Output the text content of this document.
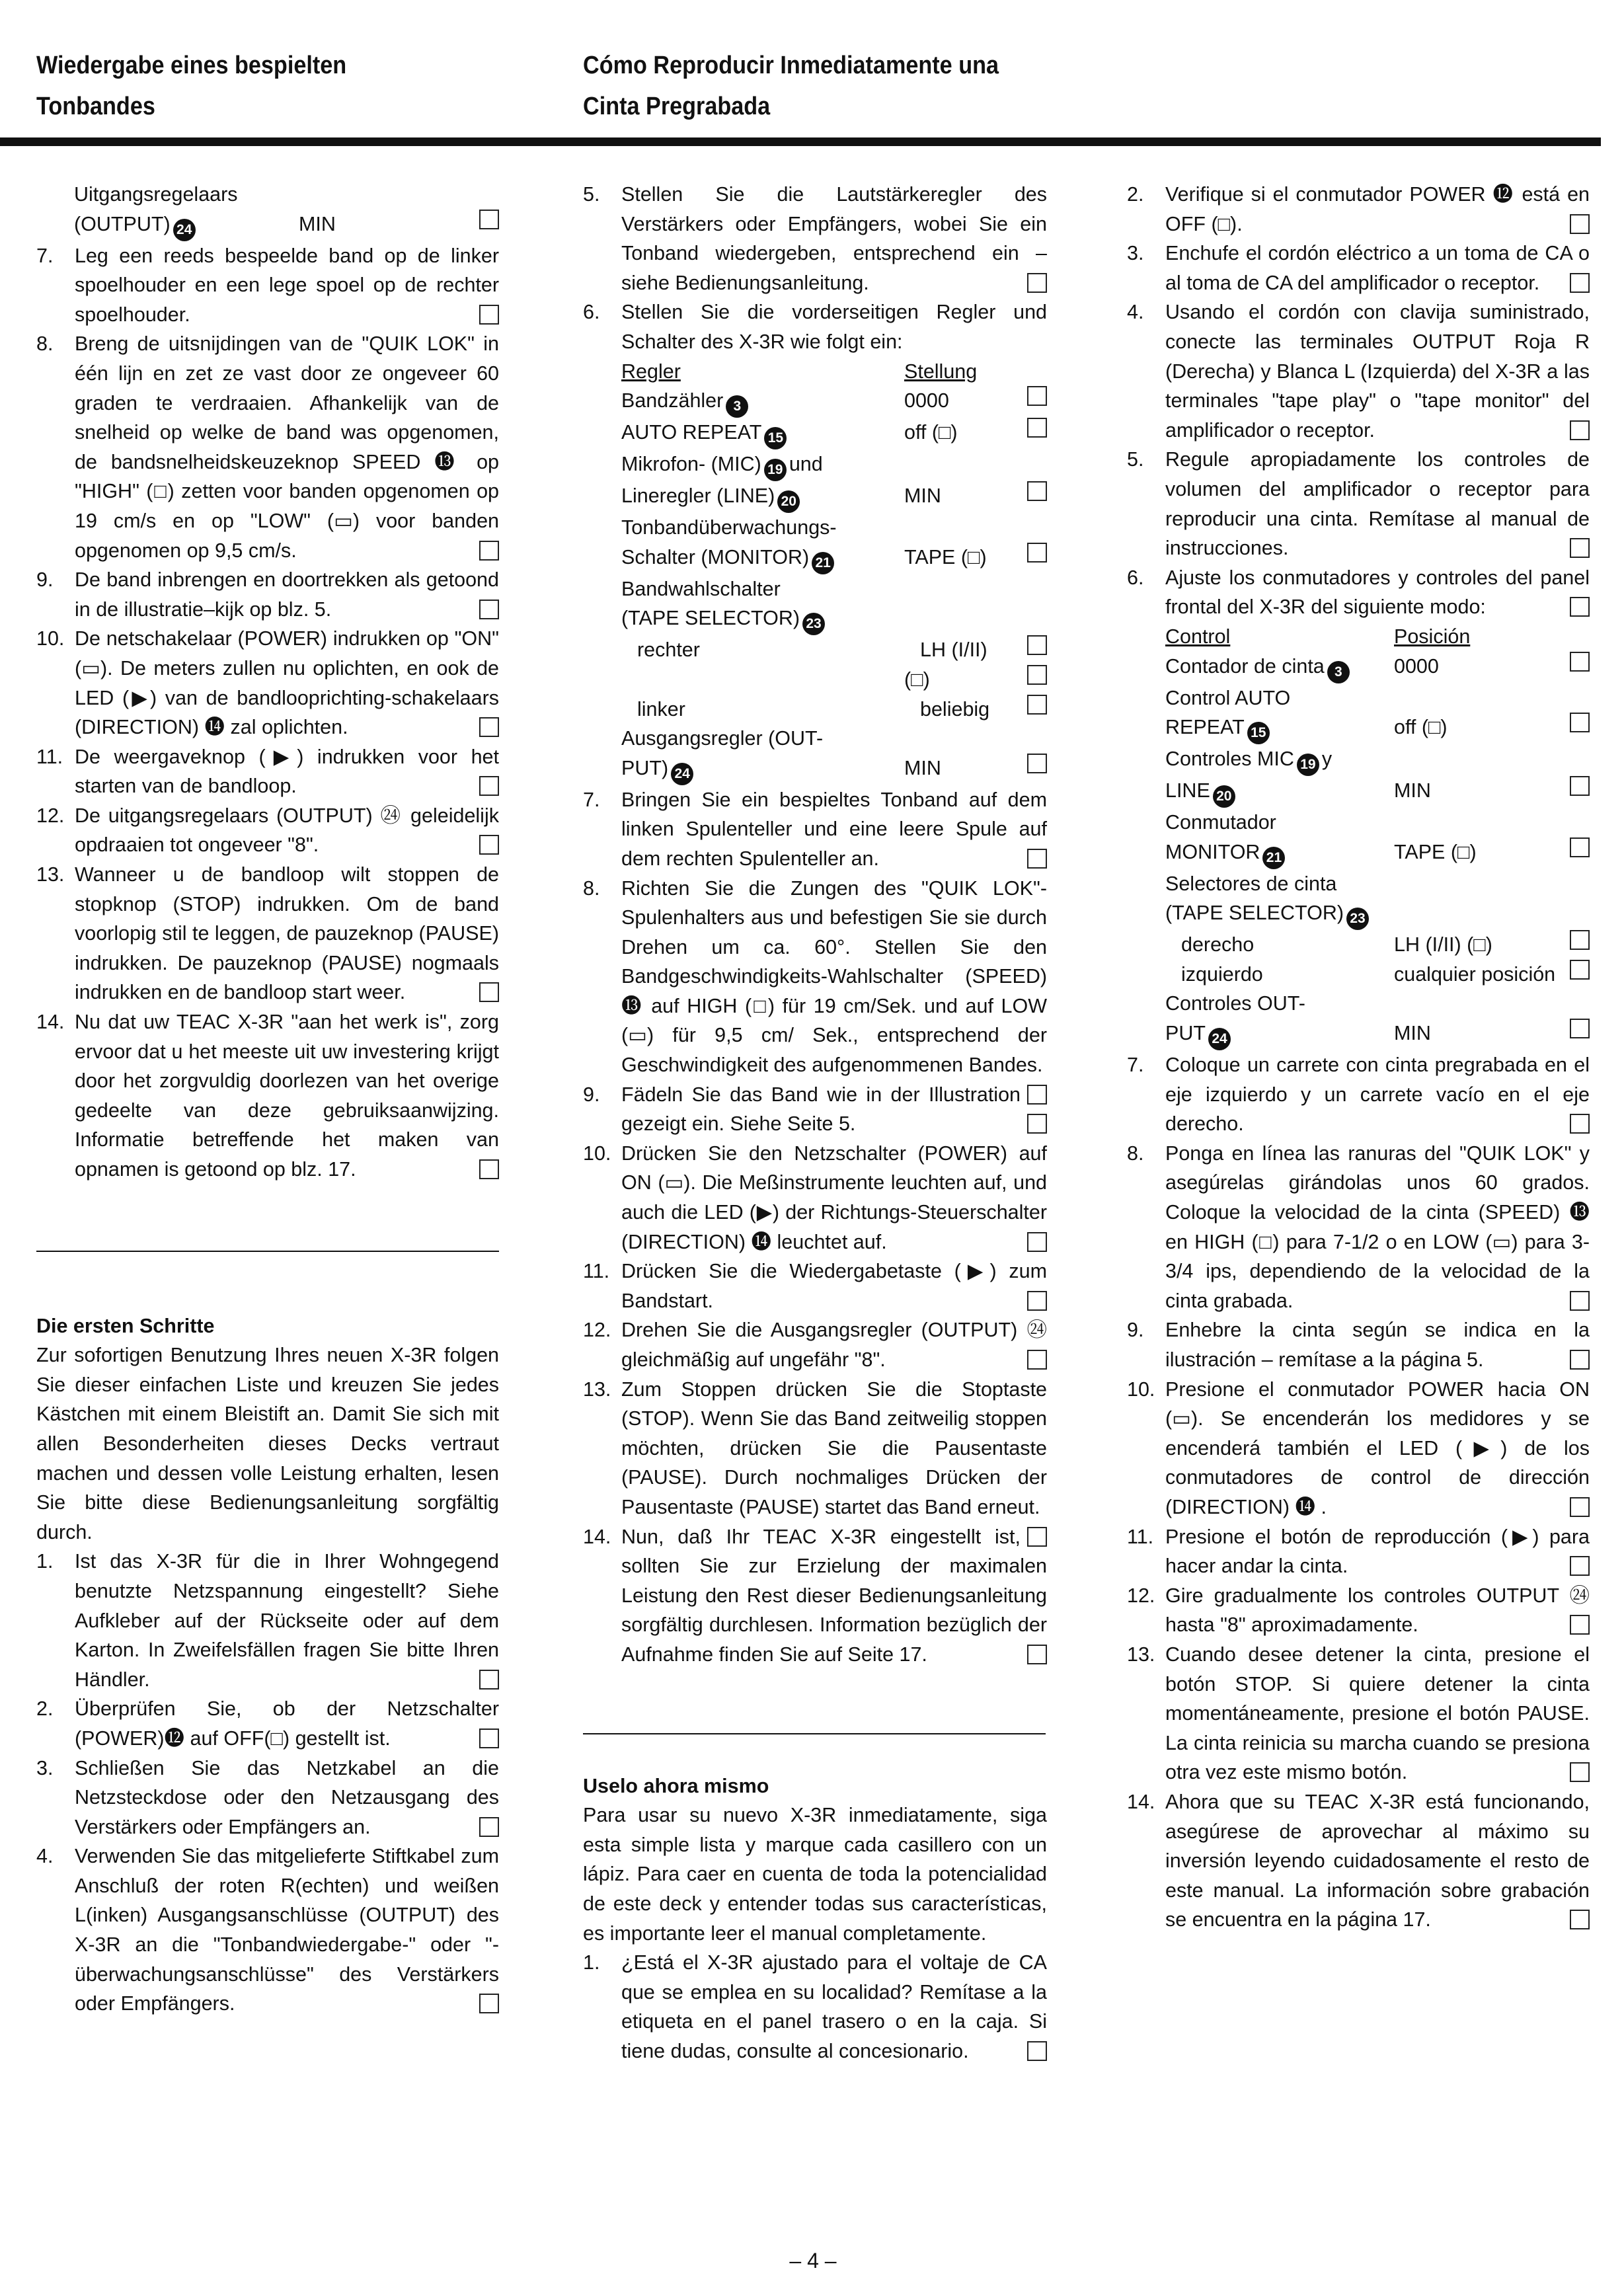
Wiedergabe eines bespielten
Tonbandes
Cómo Reproducir Inmediatamente una
Cinta Pregrabada
Uitgangsregelaars
(OUTPUT) 24	MIN
7.	Leg een reeds bespeelde band op de linker spoelhouder en een lege spoel op de rechter spoelhouder.
8.	Breng de uitsnijdingen van de "QUIK LOK" in één lijn en zet ze vast door ze ongeveer 60 graden te verdraaien. Afhankelijk van de snelheid op welke de band was opgenomen, de bandsnelheidskeuzeknop SPEED ⓭ op "HIGH" (□) zetten voor banden opgenomen op 19 cm/s en op "LOW" (▭) voor banden opgenomen op 9,5 cm/s.
9.	De band inbrengen en doortrekken als getoond in de illustratie–kijk op blz. 5.
10. De netschakelaar (POWER) indrukken op "ON" (▭). De meters zullen nu oplichten, en ook de LED (▶) van de bandlooprichting-schakelaars (DIRECTION) ⓮ zal oplichten.
11. De weergaveknop (▶) indrukken voor het starten van de bandloop.
12. De uitgangsregelaars (OUTPUT) ㉔ geleidelijk opdraaien tot ongeveer "8".
13. Wanneer u de bandloop wilt stoppen de stopknop (STOP) indrukken. Om de band voorlopig stil te leggen, de pauzeknop (PAUSE) indrukken. De pauzeknop (PAUSE) nogmaals indrukken en de bandloop start weer.
14. Nu dat uw TEAC X-3R "aan het werk is", zorg ervoor dat u het meeste uit uw investering krijgt door het zorgvuldig doorlezen van het overige gedeelte van deze gebruiksaanwijzing. Informatie betreffende het maken van opnamen is getoond op blz. 17.
Die ersten Schritte
Zur sofortigen Benutzung Ihres neuen X-3R folgen Sie dieser einfachen Liste und kreuzen Sie jedes Kästchen mit einem Bleistift an. Damit Sie sich mit allen Besonderheiten dieses Decks vertraut machen und dessen volle Leistung erhalten, lesen Sie bitte diese Bedienungsanleitung sorgfältig durch.
1.	Ist das X-3R für die in Ihrer Wohngegend benutzte Netzspannung eingestellt? Siehe Aufkleber auf der Rückseite oder auf dem Karton. In Zweifelsfällen fragen Sie bitte Ihren Händler.
2.	Überprüfen Sie, ob der Netzschalter (POWER)⓬ auf OFF(□) gestellt ist.
3.	Schließen Sie das Netzkabel an die Netzsteckdose oder den Netzausgang des Verstärkers oder Empfängers an.
4.	Verwenden Sie das mitgelieferte Stiftkabel zum Anschluß der roten R(echten) und weißen L(inken) Ausgangsanschlüsse (OUTPUT) des X-3R an die "Tonbandwiedergabe-" oder "-überwachungsanschlüsse" des Verstärkers oder Empfängers.
5.	Stellen Sie die Lautstärkeregler des Verstärkers oder Empfängers, wobei Sie ein Tonband wiedergeben, entsprechend ein – siehe Bedienungsanleitung.
6.	Stellen Sie die vorderseitigen Regler und Schalter des X-3R wie folgt ein:
Regler	Stellung
Bandzähler 3	0000
AUTO REPEAT 15	off (□)
Mikrofon- (MIC) 19 und
Lineregler (LINE) 20	MIN
Tonbandüberwachungs-
Schalter (MONITOR) 21	TAPE (□)
Bandwahlschalter
(TAPE SELECTOR) 23
rechter	LH (I/II)
(□)
linker	beliebig
Ausgangsregler (OUT-
PUT) 24	MIN
7.	Bringen Sie ein bespieltes Tonband auf dem linken Spulenteller und eine leere Spule auf dem rechten Spulenteller an.
8.	Richten Sie die Zungen des "QUIK LOK"-Spulenhalters aus und befestigen Sie sie durch Drehen um ca. 60°. Stellen Sie den Bandgeschwindigkeits-Wahlschalter (SPEED) ⓭ auf HIGH (□) für 19 cm/Sek. und auf LOW (▭) für 9,5 cm/ Sek., entsprechend der Geschwindigkeit des aufgenommenen Bandes.
9.	Fädeln Sie das Band wie in der Illustration gezeigt ein. Siehe Seite 5.
10. Drücken Sie den Netzschalter (POWER) auf ON (▭). Die Meßinstrumente leuchten auf, und auch die LED (▶) der Richtungs-Steuerschalter (DIRECTION) ⓮ leuchtet auf.
11. Drücken Sie die Wiedergabetaste (▶) zum Bandstart.
12. Drehen Sie die Ausgangsregler (OUTPUT) ㉔ gleichmäßig auf ungefähr "8".
13. Zum Stoppen drücken Sie die Stoptaste (STOP). Wenn Sie das Band zeitweilig stoppen möchten, drücken Sie die Pausentaste (PAUSE). Durch nochmaliges Drücken der Pausentaste (PAUSE) startet das Band erneut.
14. Nun, daß Ihr TEAC X-3R eingestellt ist, sollten Sie zur Erzielung der maximalen Leistung den Rest dieser Bedienungsanleitung sorgfältig durchlesen. Information bezüglich der Aufnahme finden Sie auf Seite 17.
Uselo ahora mismo
Para usar su nuevo X-3R inmediatamente, siga esta simple lista y marque cada casillero con un lápiz. Para caer en cuenta de toda la potencialidad de este deck y entender todas sus características, es importante leer el manual completamente.
1.	¿Está el X-3R ajustado para el voltaje de CA que se emplea en su localidad? Remítase a la etiqueta en el panel trasero o en la caja. Si tiene dudas, consulte al concesionario.
2.	Verifique si el conmutador POWER ⓬ está en OFF (□).
3.	Enchufe el cordón eléctrico a un toma de CA o al toma de CA del amplificador o receptor.
4.	Usando el cordón con clavija suministrado, conecte las terminales OUTPUT Roja R (Derecha) y Blanca L (Izquierda) del X-3R a las terminales "tape play" o "tape monitor" del amplificador o receptor.
5.	Regule apropiadamente los controles de volumen del amplificador o receptor para reproducir una cinta. Remítase al manual de instrucciones.
6.	Ajuste los conmutadores y controles del panel frontal del X-3R del siguiente modo:
Control	Posición
Contador de cinta 3	0000
Control AUTO
REPEAT 15	off (□)
Controles MIC 19 y
LINE 20	MIN
Conmutador
MONITOR 21	TAPE (□)
Selectores de cinta
(TAPE SELECTOR) 23
derecho	LH (I/II) (□)
izquierdo	cualquier posición
Controles OUT-
PUT 24	MIN
7.	Coloque un carrete con cinta pregrabada en el eje izquierdo y un carrete vacío en el eje derecho.
8.	Ponga en línea las ranuras del "QUIK LOK" y asegúrelas girándolas unos 60 grados. Coloque la velocidad de la cinta (SPEED) ⓭ en HIGH (□) para 7-1/2 o en LOW (▭) para 3-3/4 ips, dependiendo de la velocidad de la cinta grabada.
9.	Enhebre la cinta según se indica en la ilustración – remítase a la página 5.
10. Presione el conmutador POWER hacia ON (▭). Se encenderán los medidores y se encenderá también el LED (▶) de los conmutadores de control de dirección (DIRECTION) ⓮ .
11. Presione el botón de reproducción (▶) para hacer andar la cinta.
12. Gire gradualmente los controles OUTPUT ㉔ hasta "8" aproximadamente.
13. Cuando desee detener la cinta, presione el botón STOP. Si quiere detener la cinta momentáneamente, presione el botón PAUSE. La cinta reinicia su marcha cuando se presiona otra vez este mismo botón.
14. Ahora que su TEAC X-3R está funcionando, asegúrese de aprovechar al máximo su inversión leyendo cuidadosamente el resto de este manual. La información sobre grabación se encuentra en la página 17.
– 4 –
